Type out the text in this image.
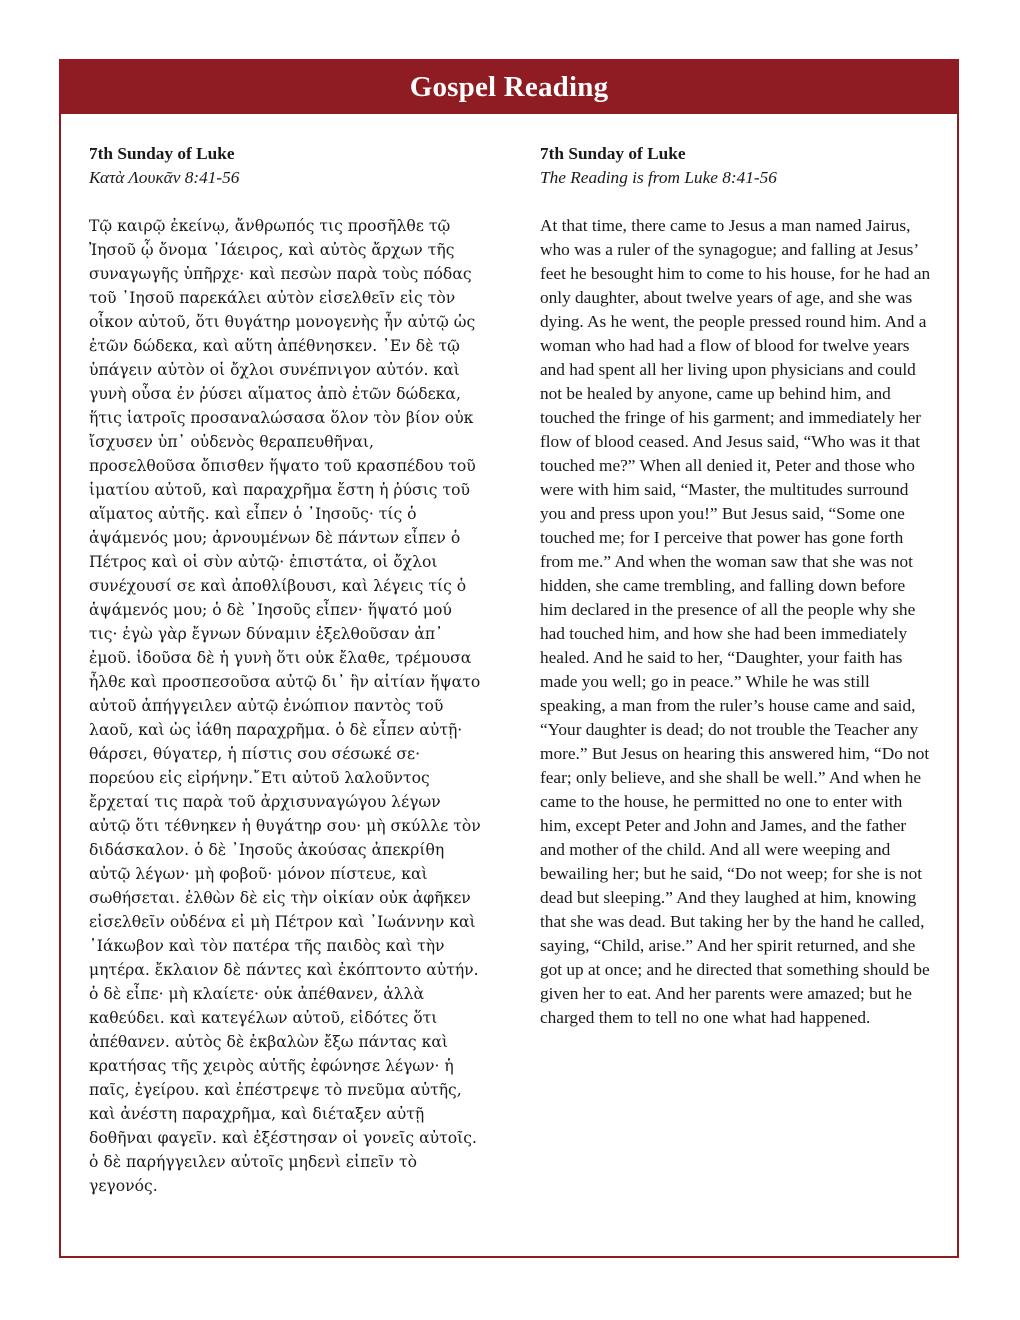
Gospel Reading
7th Sunday of Luke
Κατὰ Λουκᾶν 8:41-56
Τῷ καιρῷ ἐκείνῳ, ἄνθρωπός τις προσῆλθε τῷ Ἰησοῦ ᾧ ὄνομα ᾿Ιάειρος, καὶ αὐτὸς ἄρχων τῆς συναγωγῆς ὑπῆρχε· καὶ πεσὼν παρὰ τοὺς πόδας τοῦ ᾿Ιησοῦ παρεκάλει αὐτὸν εἰσελθεῖν εἰς τὸν οἶκον αὐτοῦ, ὅτι θυγάτηρ μονογενὴς ἦν αὐτῷ ὡς ἐτῶν δώδεκα, καὶ αὕτη ἀπέθνησκεν. ᾿Εν δὲ τῷ ὑπάγειν αὐτὸν οἱ ὄχλοι συνέπνιγον αὐτόν. καὶ γυνὴ οὖσα ἐν ῥύσει αἵματος ἀπὸ ἐτῶν δώδεκα, ἥτις ἰατροῖς προσαναλώσασα ὅλον τὸν βίον οὐκ ἴσχυσεν ὑπ᾿ οὐδενὸς θεραπευθῆναι, προσελθοῦσα ὄπισθεν ἥψατο τοῦ κρασπέδου τοῦ ἱματίου αὐτοῦ, καὶ παραχρῆμα ἔστη ἡ ῥύσις τοῦ αἵματος αὐτῆς. καὶ εἶπεν ὁ ᾿Ιησοῦς· τίς ὁ ἁψάμενός μου; ἀρνουμένων δὲ πάντων εἶπεν ὁ Πέτρος καὶ οἱ σὺν αὐτῷ· ἐπιστάτα, οἱ ὄχλοι συνέχουσί σε καὶ ἀποθλίβουσι, καὶ λέγεις τίς ὁ ἁψάμενός μου; ὁ δὲ ᾿Ιησοῦς εἶπεν· ἥψατό μού τις· ἐγὼ γὰρ ἔγνων δύναμιν ἐξελθοῦσαν ἀπ᾿ ἐμοῦ. ἰδοῦσα δὲ ἡ γυνὴ ὅτι οὐκ ἔλαθε, τρέμουσα ἦλθε καὶ προσπεσοῦσα αὐτῷ δι᾿ ἣν αἰτίαν ἥψατο αὐτοῦ ἀπήγγειλεν αὐτῷ ἐνώπιον παντὸς τοῦ λαοῦ, καὶ ὡς ἰάθη παραχρῆμα. ὁ δὲ εἶπεν αὐτῇ· θάρσει, θύγατερ, ἡ πίστις σου σέσωκέ σε· πορεύου εἰς εἰρήνην.῎Ετι αὐτοῦ λαλοῦντος ἔρχεταί τις παρὰ τοῦ ἀρχισυναγώγου λέγων αὐτῷ ὅτι τέθνηκεν ἡ θυγάτηρ σου· μὴ σκύλλε τὸν διδάσκαλον. ὁ δὲ ᾿Ιησοῦς ἀκούσας ἀπεκρίθη αὐτῷ λέγων· μὴ φοβοῦ· μόνον πίστευε, καὶ σωθήσεται. ἐλθὼν δὲ εἰς τὴν οἰκίαν οὐκ ἀφῆκεν εἰσελθεῖν οὐδένα εἰ μὴ Πέτρον καὶ ᾿Ιωάννην καὶ ᾿Ιάκωβον καὶ τὸν πατέρα τῆς παιδὸς καὶ τὴν μητέρα. ἔκλαιον δὲ πάντες καὶ ἐκόπτοντο αὐτήν. ὁ δὲ εἶπε· μὴ κλαίετε· οὐκ ἀπέθανεν, ἀλλὰ καθεύδει. καὶ κατεγέλων αὐτοῦ, εἰδότες ὅτι ἀπέθανεν. αὐτὸς δὲ ἐκβαλὼν ἔξω πάντας καὶ κρατήσας τῆς χειρὸς αὐτῆς ἐφώνησε λέγων· ἡ παῖς, ἐγείρου. καὶ ἐπέστρεψε τὸ πνεῦμα αὐτῆς, καὶ ἀνέστη παραχρῆμα, καὶ διέταξεν αὐτῇ δοθῆναι φαγεῖν. καὶ ἐξέστησαν οἱ γονεῖς αὐτοῖς. ὁ δὲ παρήγγειλεν αὐτοῖς μηδενὶ εἰπεῖν τὸ γεγονός.
7th Sunday of Luke
The Reading is from Luke 8:41-56
At that time, there came to Jesus a man named Jairus, who was a ruler of the synagogue; and falling at Jesus’ feet he besought him to come to his house, for he had an only daughter, about twelve years of age, and she was dying. As he went, the people pressed round him. And a woman who had had a flow of blood for twelve years and had spent all her living upon physicians and could not be healed by anyone, came up behind him, and touched the fringe of his garment; and immediately her flow of blood ceased. And Jesus said, “Who was it that touched me?” When all denied it, Peter and those who were with him said, “Master, the multitudes surround you and press upon you!” But Jesus said, “Some one touched me; for I perceive that power has gone forth from me.” And when the woman saw that she was not hidden, she came trembling, and falling down before him declared in the presence of all the people why she had touched him, and how she had been immediately healed. And he said to her, “Daughter, your faith has made you well; go in peace.” While he was still speaking, a man from the ruler’s house came and said, “Your daughter is dead; do not trouble the Teacher any more.” But Jesus on hearing this answered him, “Do not fear; only believe, and she shall be well.” And when he came to the house, he permitted no one to enter with him, except Peter and John and James, and the father and mother of the child. And all were weeping and bewailing her; but he said, “Do not weep; for she is not dead but sleeping.” And they laughed at him, knowing that she was dead. But taking her by the hand he called, saying, “Child, arise.” And her spirit returned, and she got up at once; and he directed that something should be given her to eat. And her parents were amazed; but he charged them to tell no one what had happened.
